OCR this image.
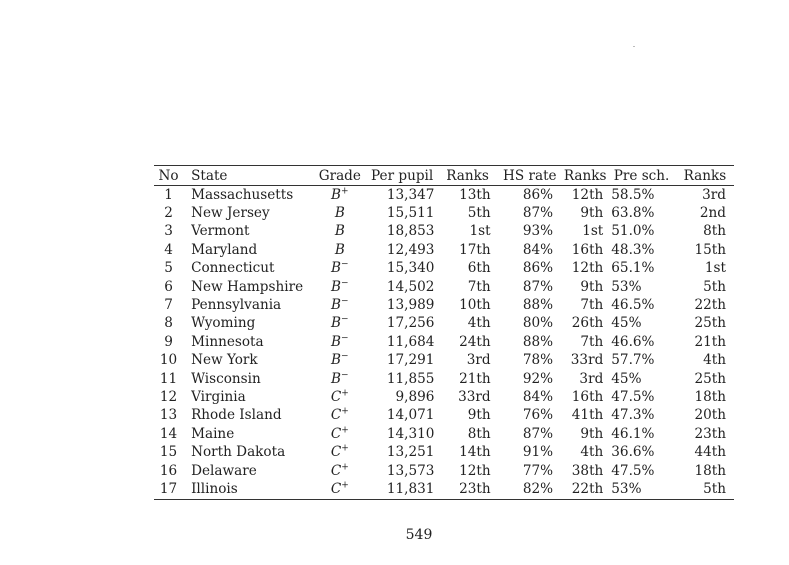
No	State	Grade	Per pupil	Ranks	HS rate	Ranks	Pre sch.	Ranks
1	Massachusetts	B+	13,347	13th	86%	12th	58.5%	3rd
2	New Jersey	B	15,511	5th	87%	9th	63.8%	2nd
3	Vermont	B	18,853	1st	93%	1st	51.0%	8th
4	Maryland	B	12,493	17th	84%	16th	48.3%	15th
5	Connecticut	B−	15,340	6th	86%	12th	65.1%	1st
6	New Hampshire	B−	14,502	7th	87%	9th	53%	5th
7	Pennsylvania	B−	13,989	10th	88%	7th	46.5%	22th
8	Wyoming	B−	17,256	4th	80%	26th	45%	25th
9	Minnesota	B−	11,684	24th	88%	7th	46.6%	21th
10	New York	B−	17,291	3rd	78%	33rd	57.7%	4th
11	Wisconsin	B−	11,855	21th	92%	3rd	45%	25th
12	Virginia	C+	9,896	33rd	84%	16th	47.5%	18th
13	Rhode Island	C+	14,071	9th	76%	41th	47.3%	20th
14	Maine	C+	14,310	8th	87%	9th	46.1%	23th
15	North Dakota	C+	13,251	14th	91%	4th	36.6%	44th
16	Delaware	C+	13,573	12th	77%	38th	47.5%	18th
17	Illinois	C+	11,831	23th	82%	22th	53%	5th
549
